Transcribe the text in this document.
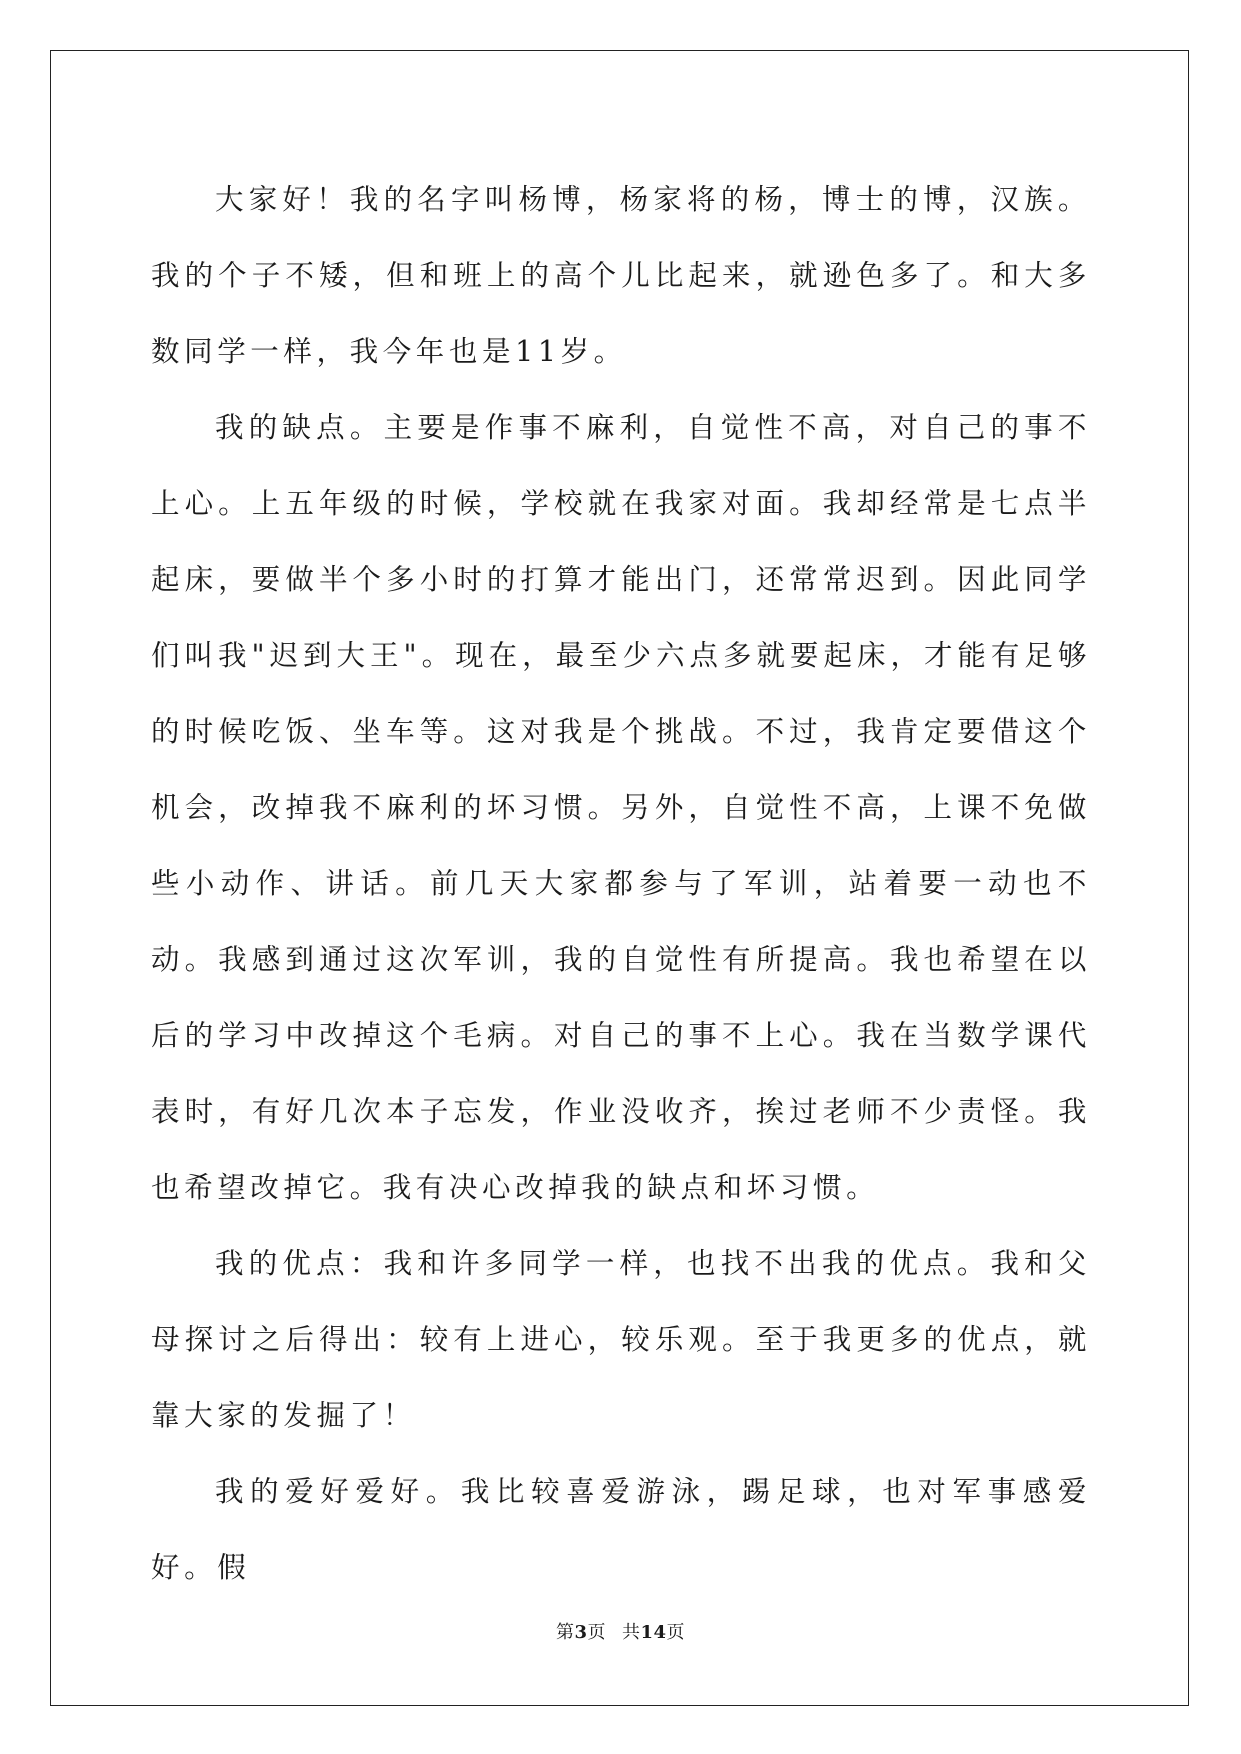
大家好！我的名字叫杨博，杨家将的杨，博士的博，汉族。我的个子不矮，但和班上的高个儿比起来，就逊色多了。和大多数同学一样，我今年也是11岁。

我的缺点。主要是作事不麻利，自觉性不高，对自己的事不上心。上五年级的时候，学校就在我家对面。我却经常是七点半起床，要做半个多小时的打算才能出门，还常常迟到。因此同学们叫我"迟到大王"。现在，最至少六点多就要起床，才能有足够的时候吃饭、坐车等。这对我是个挑战。不过，我肯定要借这个机会，改掉我不麻利的坏习惯。另外，自觉性不高，上课不免做些小动作、讲话。前几天大家都参与了军训，站着要一动也不动。我感到通过这次军训，我的自觉性有所提高。我也希望在以后的学习中改掉这个毛病。对自己的事不上心。我在当数学课代表时，有好几次本子忘发，作业没收齐，挨过老师不少责怪。我也希望改掉它。我有决心改掉我的缺点和坏习惯。

我的优点：我和许多同学一样，也找不出我的优点。我和父母探讨之后得出：较有上进心，较乐观。至于我更多的优点，就靠大家的发掘了！

我的爱好爱好。我比较喜爱游泳，踢足球，也对军事感爱好。假

第3页 共14页
